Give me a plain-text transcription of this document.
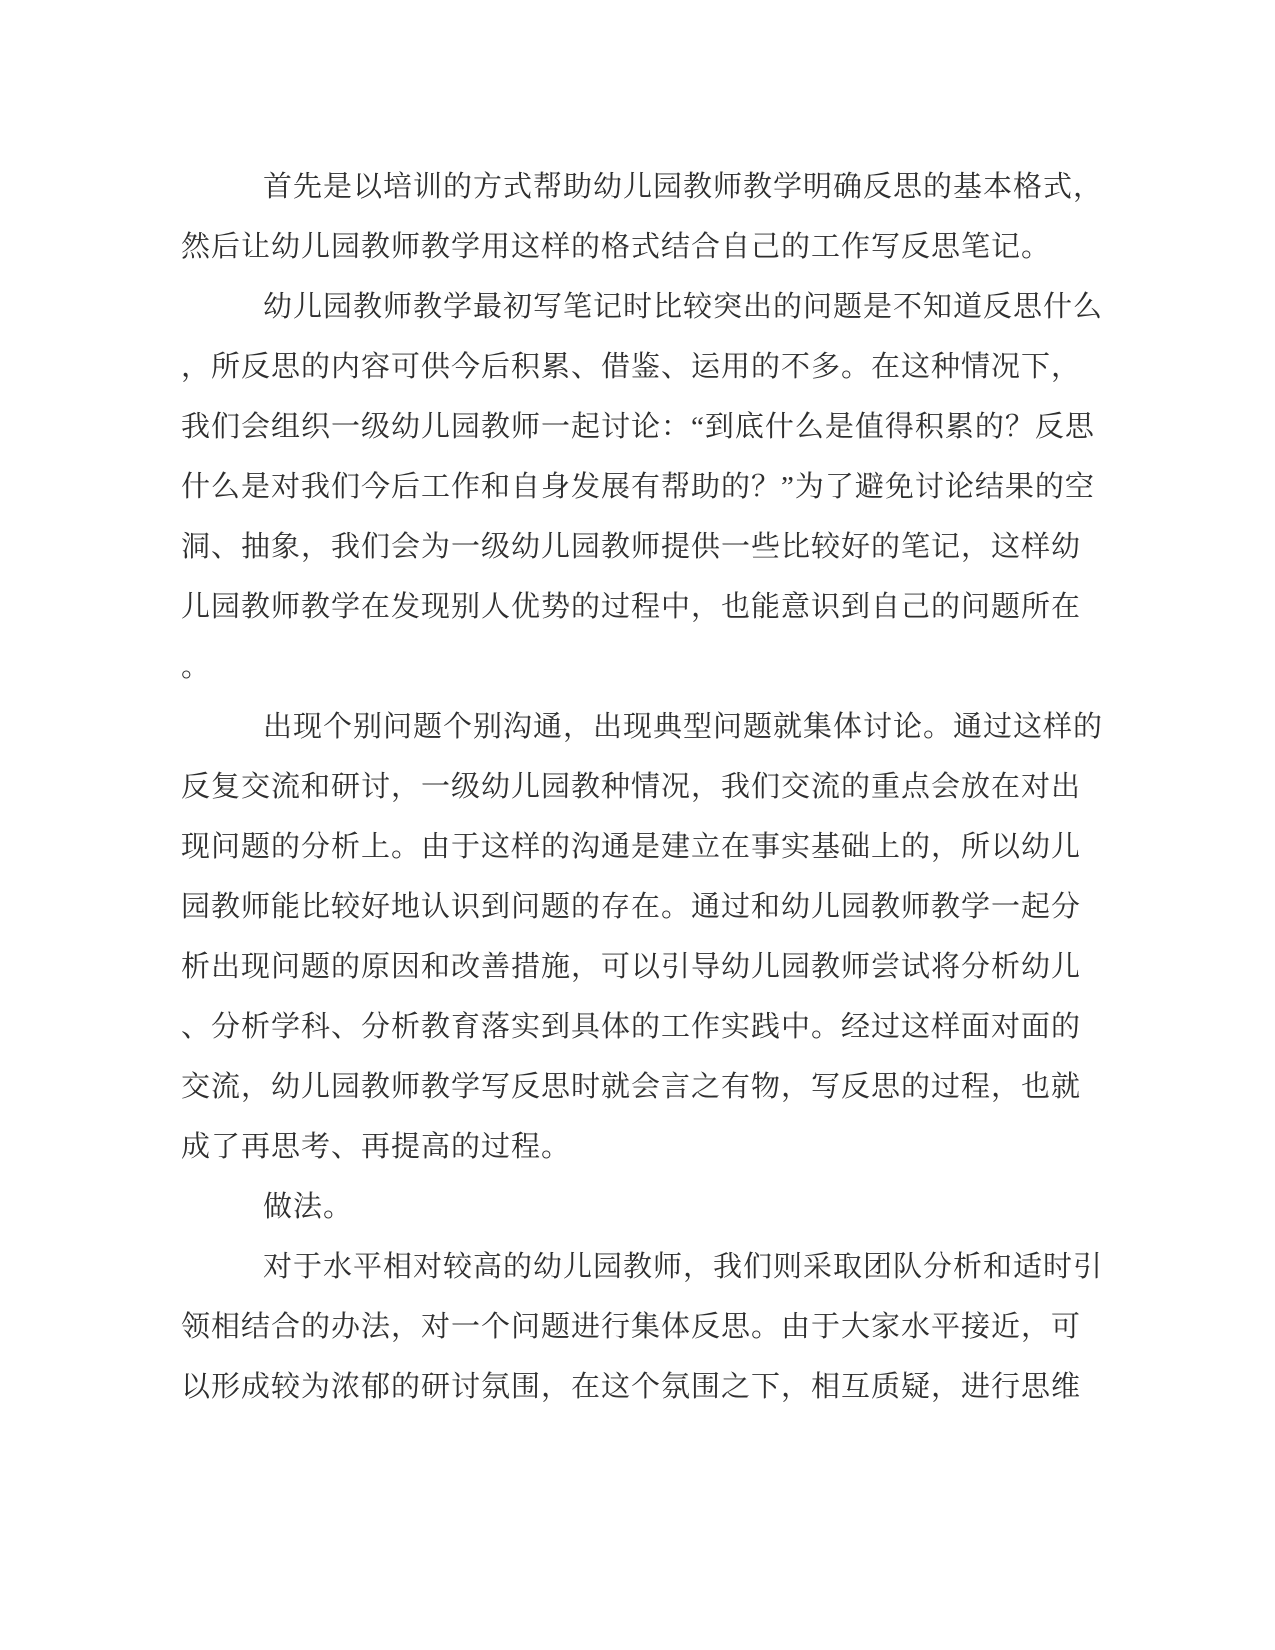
首先是以培训的方式帮助幼儿园教师教学明确反思的基本格式，
然后让幼儿园教师教学用这样的格式结合自己的工作写反思笔记。
幼儿园教师教学最初写笔记时比较突出的问题是不知道反思什么
，所反思的内容可供今后积累、借鉴、运用的不多。在这种情况下，
我们会组织一级幼儿园教师一起讨论：“到底什么是值得积累的？反思
什么是对我们今后工作和自身发展有帮助的？”为了避免讨论结果的空
洞、抽象，我们会为一级幼儿园教师提供一些比较好的笔记，这样幼
儿园教师教学在发现别人优势的过程中，也能意识到自己的问题所在
。
出现个别问题个别沟通，出现典型问题就集体讨论。通过这样的
反复交流和研讨，一级幼儿园教种情况，我们交流的重点会放在对出
现问题的分析上。由于这样的沟通是建立在事实基础上的，所以幼儿
园教师能比较好地认识到问题的存在。通过和幼儿园教师教学一起分
析出现问题的原因和改善措施，可以引导幼儿园教师尝试将分析幼儿
、分析学科、分析教育落实到具体的工作实践中。经过这样面对面的
交流，幼儿园教师教学写反思时就会言之有物，写反思的过程，也就
成了再思考、再提高的过程。
做法。
对于水平相对较高的幼儿园教师，我们则采取团队分析和适时引
领相结合的办法，对一个问题进行集体反思。由于大家水平接近，可
以形成较为浓郁的研讨氛围，在这个氛围之下，相互质疑，进行思维
